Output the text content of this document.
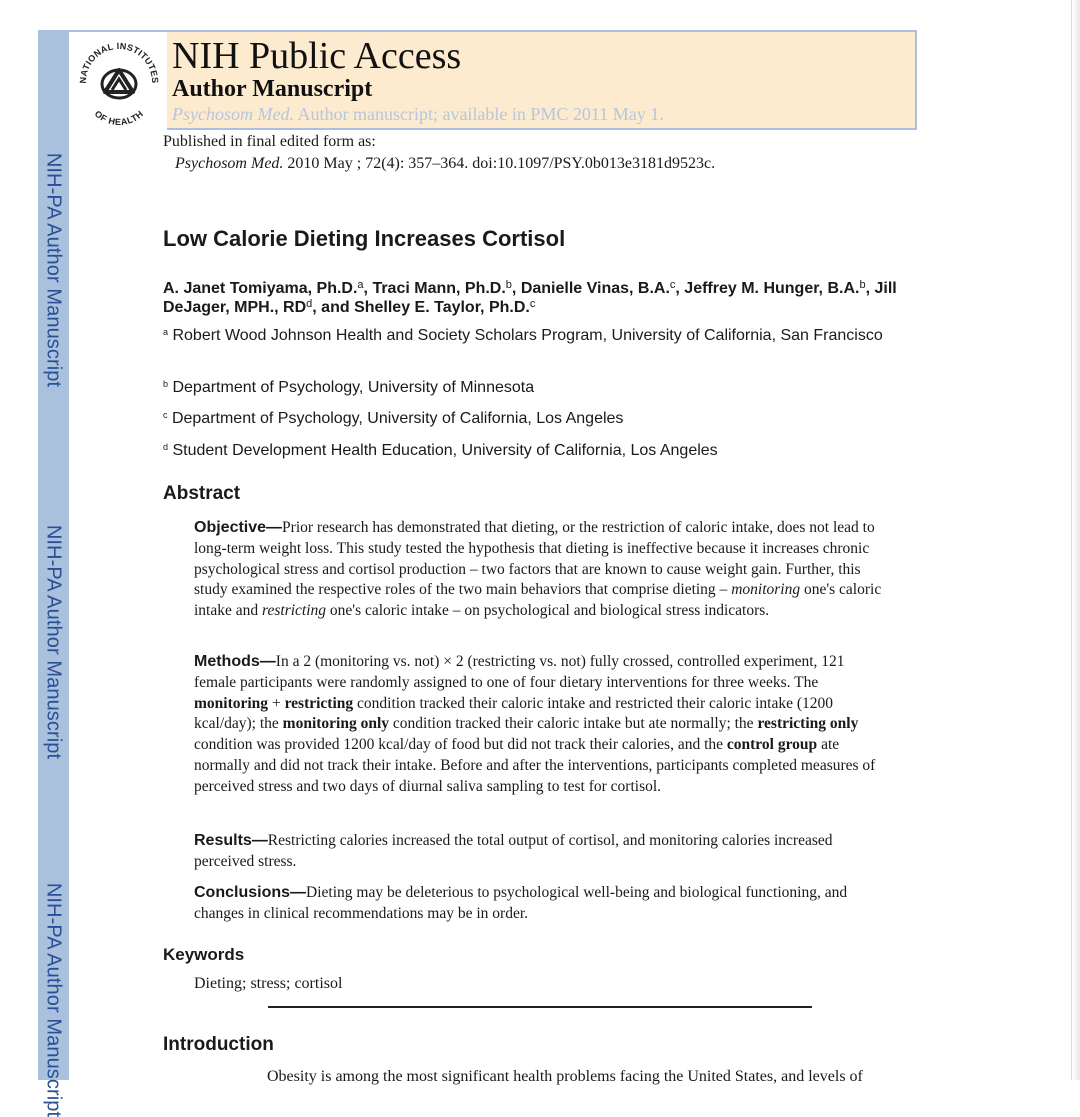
NIH-PA Author Manuscript
NIH-PA Author Manuscript
NIH-PA Author Manuscript
NATIONAL INSTITUTES
OF HEALTH
NIH Public Access
Author Manuscript
Psychosom Med. Author manuscript; available in PMC 2011 May 1.
Published in final edited form as:
Psychosom Med. 2010 May ; 72(4): 357–364. doi:10.1097/PSY.0b013e3181d9523c.
Low Calorie Dieting Increases Cortisol
A. Janet Tomiyama, Ph.D.$^a$, Traci Mann, Ph.D.$^b$, Danielle Vinas, B.A.$^c$, Jeffrey M. Hunger, B.A.$^b$, Jill DeJager, MPH., $RD^d$, and Shelley E. Taylor, Ph.D.$^c$
$^a$ Robert Wood Johnson Health and Society Scholars Program, University of California, San Francisco
$^b$ Department of Psychology, University of Minnesota
$^c$ Department of Psychology, University of California, Los Angeles
$^d$ Student Development Health Education, University of California, Los Angeles
Abstract

Objective—Prior research has demonstrated that dieting, or the restriction of caloric intake, does not lead to long-term weight loss. This study tested the hypothesis that dieting is ineffective because it increases chronic psychological stress and cortisol production – two factors that are known to cause weight gain. Further, this study examined the respective roles of the two main behaviors that comprise dieting – monitoring one's caloric intake and restricting one's caloric intake – on psychological and biological stress indicators.

Methods—In a 2 (monitoring vs. not) × 2 (restricting vs. not) fully crossed, controlled experiment, 121 female participants were randomly assigned to one of four dietary interventions for three weeks. The monitoring + restricting condition tracked their caloric intake and restricted their caloric intake (1200 kcal/day); the monitoring only condition tracked their caloric intake but ate normally; the restricting only condition was provided 1200 kcal/day of food but did not track their calories, and the control group ate normally and did not track their intake. Before and after the interventions, participants completed measures of perceived stress and two days of diurnal saliva sampling to test for cortisol.

Results—Restricting calories increased the total output of cortisol, and monitoring calories increased perceived stress.

Conclusions—Dieting may be deleterious to psychological well-being and biological functioning, and changes in clinical recommendations may be in order.

Keywords
Dieting; stress; cortisol
Introduction
Obesity is among the most significant health problems facing the United States, and levels of
